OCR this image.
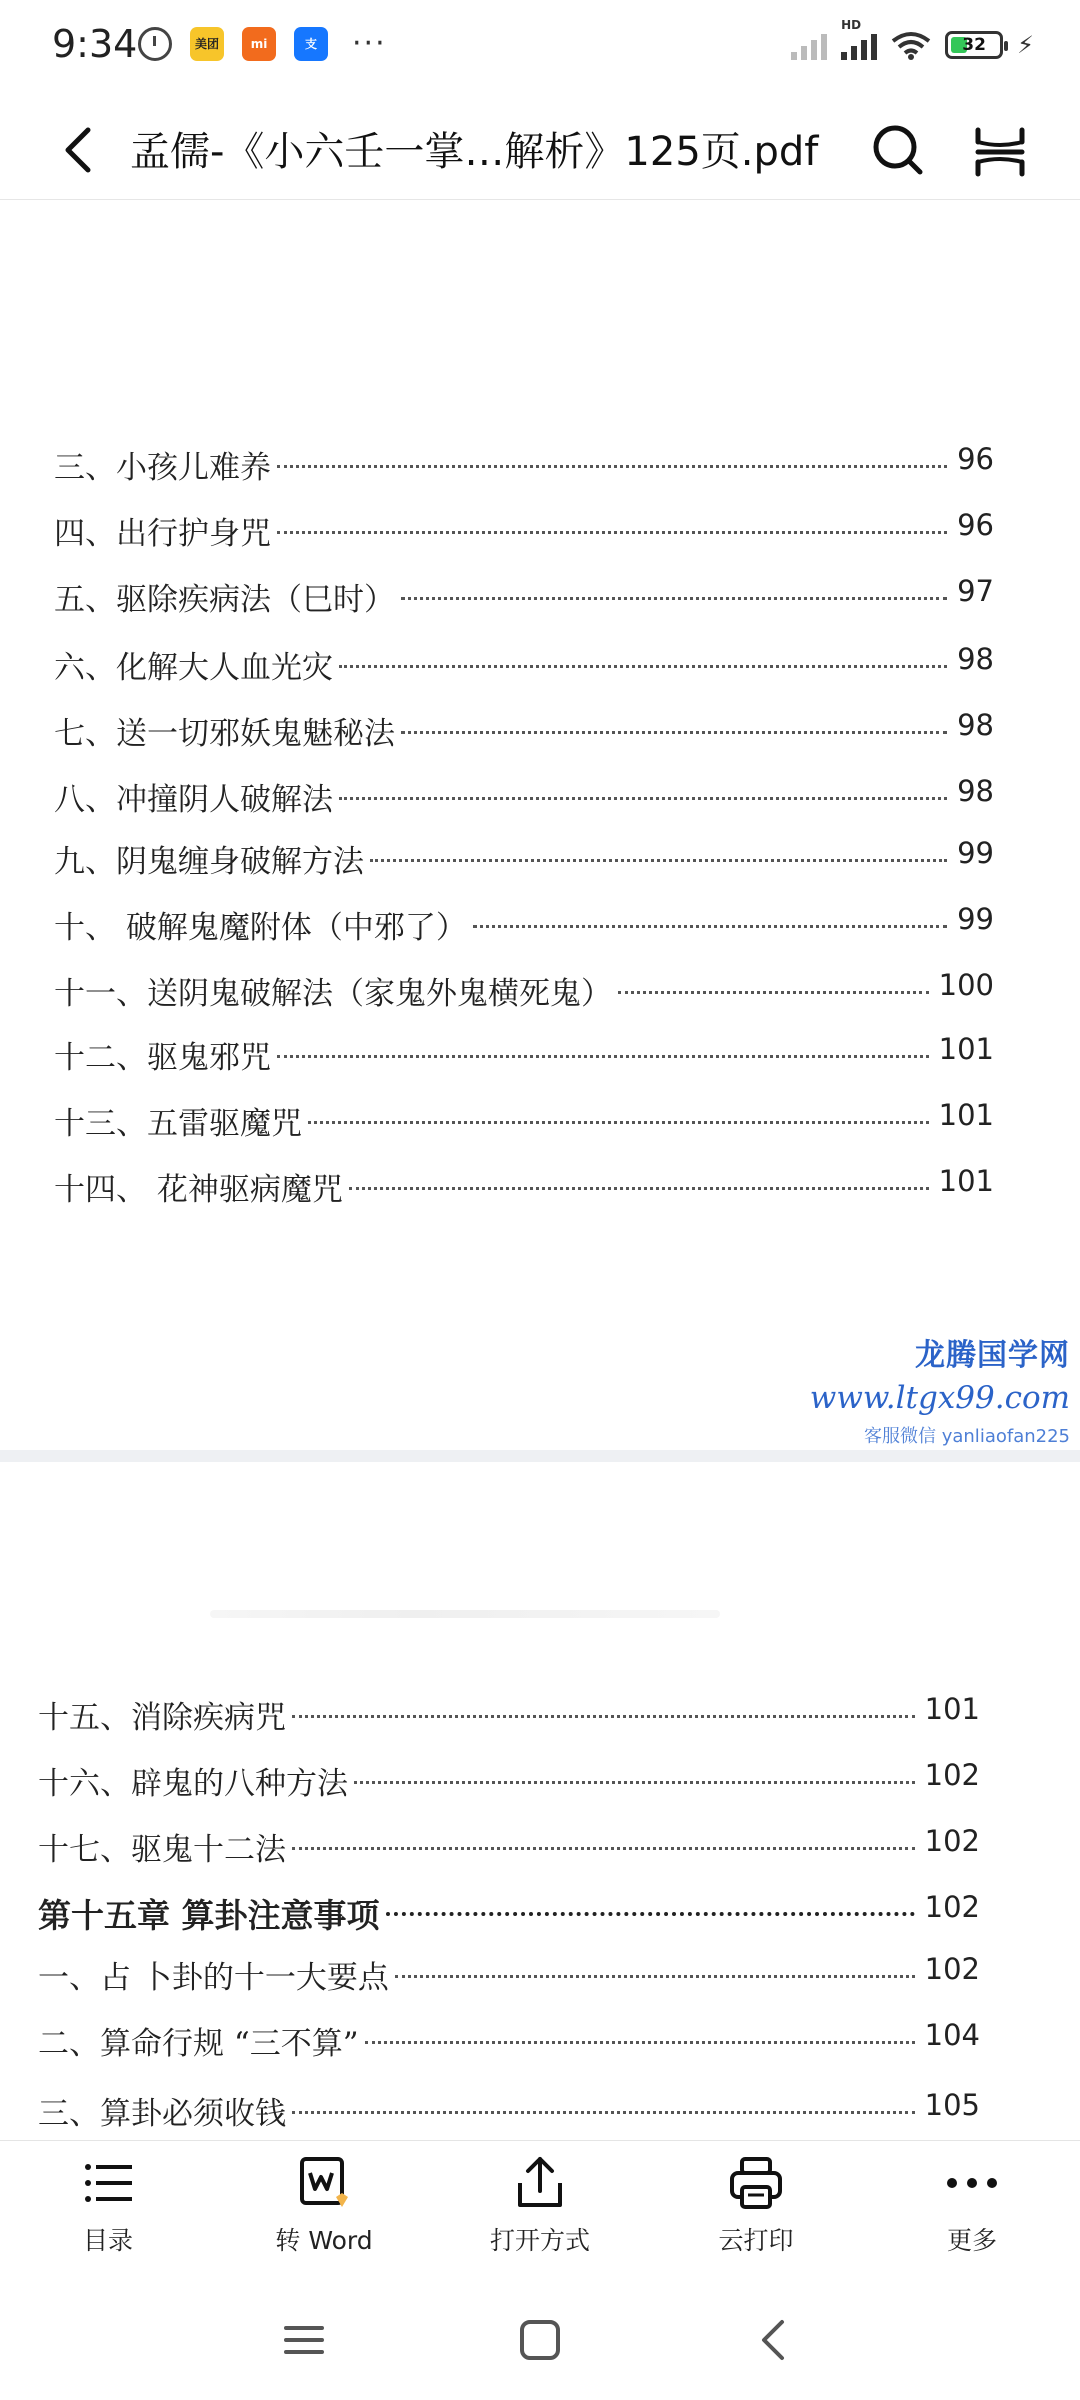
9:34	美团	mi	支	···
HD
32 ⚡
孟儒-《小六壬一掌…解析》125页.pdf
三、小孩儿难养	96
四、出行护身咒	96
五、驱除疾病法（巳时）	97
六、化解大人血光灾	98
七、送一切邪妖鬼魅秘法	98
八、冲撞阴人破解法	98
九、阴鬼缠身破解方法	99
十、 破解鬼魔附体（中邪了）	99
十一、送阴鬼破解法（家鬼外鬼横死鬼）	100
十二、驱鬼邪咒	101
十三、五雷驱魔咒	101
十四、 花神驱病魔咒	101
龙腾国学网
www.ltgx99.com
客服微信 yanliaofan225
十五、消除疾病咒	101
十六、辟鬼的八种方法	102
十七、驱鬼十二法	102
第十五章 算卦注意事项	102
一、占 卜卦的十一大要点	102
二、算命行规 “三不算”	104
三、算卦必须收钱	105
目录	转 Word	打开方式	云打印	更多
